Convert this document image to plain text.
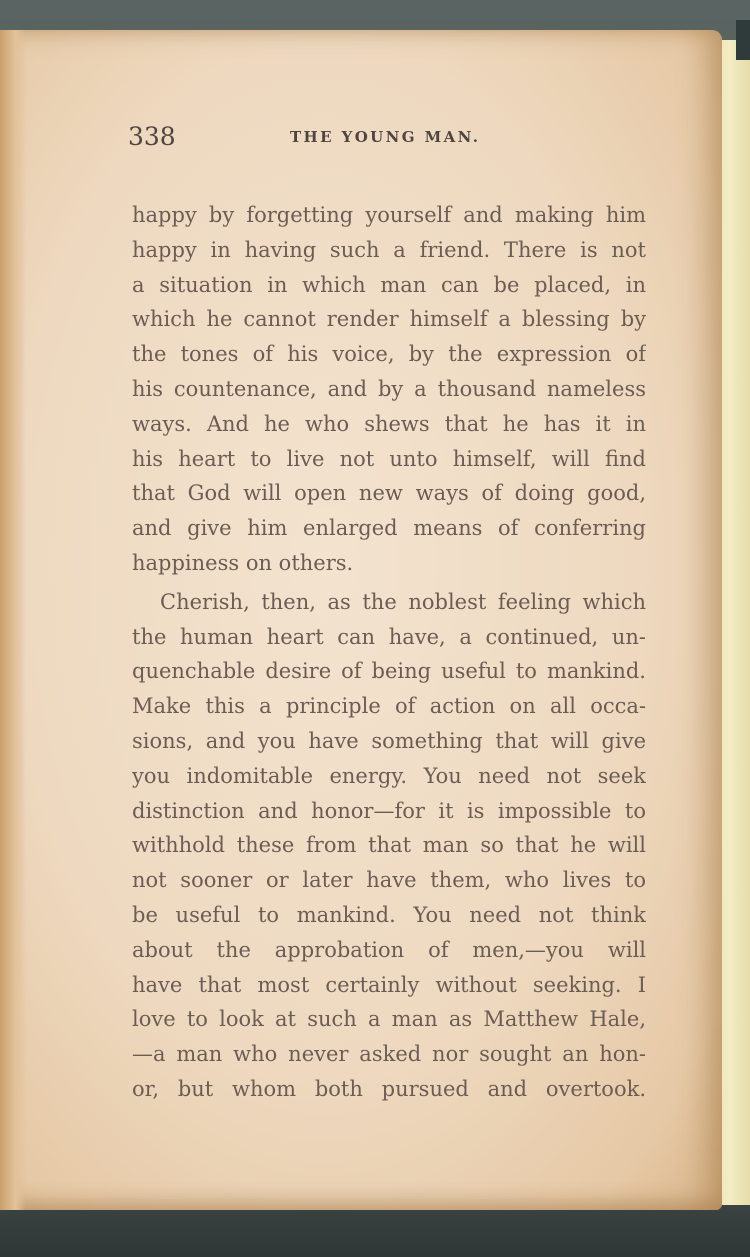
338	THE YOUNG MAN.
happy by forgetting yourself and making him
happy in having such a friend. There is not
a situation in which man can be placed, in
which he cannot render himself a blessing by
the tones of his voice, by the expression of
his countenance, and by a thousand nameless
ways. And he who shews that he has it in
his heart to live not unto himself, will find
that God will open new ways of doing good,
and give him enlarged means of conferring
happiness on others.
Cherish, then, as the noblest feeling which
the human heart can have, a continued, un-
quenchable desire of being useful to mankind.
Make this a principle of action on all occa-
sions, and you have something that will give
you indomitable energy. You need not seek
distinction and honor—for it is impossible to
withhold these from that man so that he will
not sooner or later have them, who lives to
be useful to mankind. You need not think
about the approbation of men,—you will
have that most certainly without seeking. I
love to look at such a man as Matthew Hale,
—a man who never asked nor sought an hon-
or, but whom both pursued and overtook.
